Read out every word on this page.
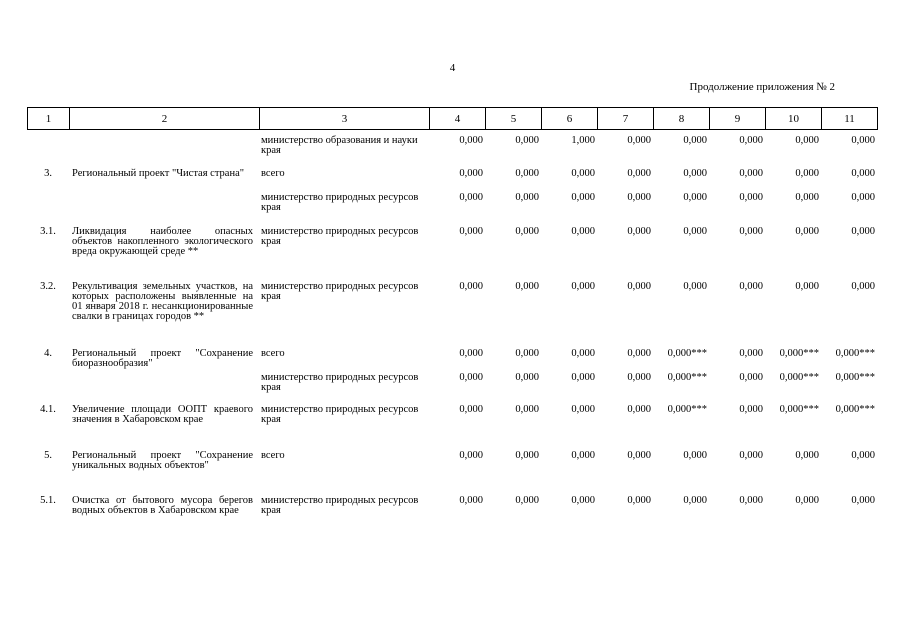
4
Продолжение приложения № 2
1	2	3	4	5	6	7	8	9	10	11
		министерство образования и науки края	0,000	0,000	1,000	0,000	0,000	0,000	0,000	0,000
3.	Региональный проект "Чистая страна"	всего	0,000	0,000	0,000	0,000	0,000	0,000	0,000	0,000
		министерство природных ресурсов края	0,000	0,000	0,000	0,000	0,000	0,000	0,000	0,000
3.1.	Ликвидация наиболее опасных объектов накопленного экологического вреда окружающей среде **	министерство природных ресурсов края	0,000	0,000	0,000	0,000	0,000	0,000	0,000	0,000
3.2.	Рекультивация земельных участков, на которых расположены выявленные на 01 января 2018 г. несанкционированные свалки в границах городов **	министерство природных ресурсов края	0,000	0,000	0,000	0,000	0,000	0,000	0,000	0,000
4.	Региональный проект "Сохранение биоразнообразия"	всего	0,000	0,000	0,000	0,000	0,000***	0,000	0,000***	0,000***
		министерство природных ресурсов края	0,000	0,000	0,000	0,000	0,000***	0,000	0,000***	0,000***
4.1.	Увеличение площади ООПТ краевого значения в Хабаровском крае	министерство природных ресурсов края	0,000	0,000	0,000	0,000	0,000***	0,000	0,000***	0,000***
5.	Региональный проект "Сохранение уникальных водных объектов"	всего	0,000	0,000	0,000	0,000	0,000	0,000	0,000	0,000
5.1.	Очистка от бытового мусора берегов водных объектов в Хабаровском крае	министерство природных ресурсов края	0,000	0,000	0,000	0,000	0,000	0,000	0,000	0,000
